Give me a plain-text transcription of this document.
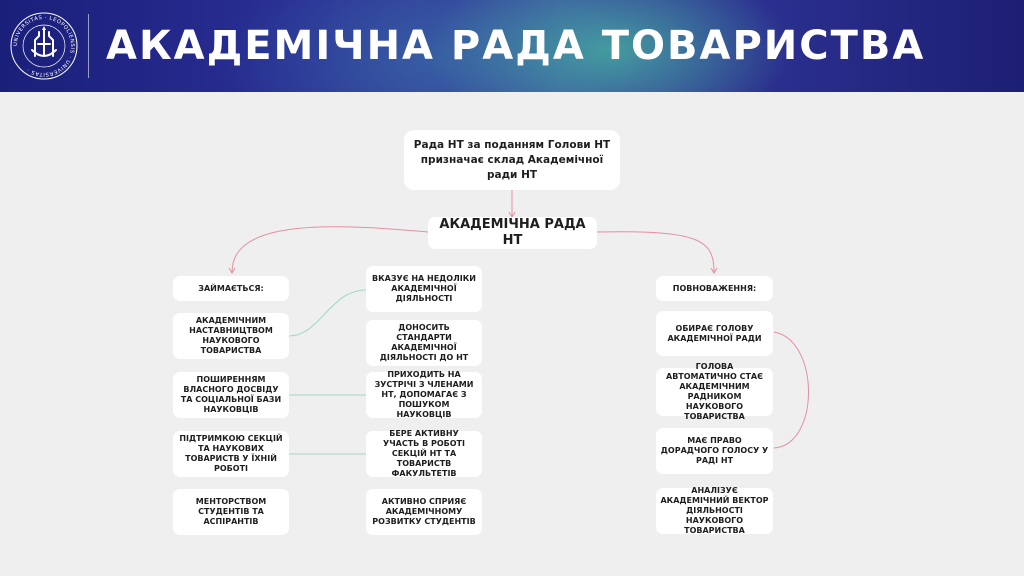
UNIVERSITAS · LEOPOLIENSIS · UNIVERSITAS ·
АКАДЕМІЧНА РАДА ТОВАРИСТВА
Рада НТ за поданням Голови НТ
призначає склад Академічної ради НТ
АКАДЕМІЧНА РАДА НТ
ЗАЙМАЄТЬСЯ:
АКАДЕМІЧНИМ НАСТАВНИЦТВОМ НАУКОВОГО ТОВАРИСТВА
ПОШИРЕННЯМ ВЛАСНОГО ДОСВІДУ ТА СОЦІАЛЬНОЇ БАЗИ НАУКОВЦІВ
ПІДТРИМКОЮ СЕКЦІЙ ТА НАУКОВИХ ТОВАРИСТВ У ЇХНІЙ РОБОТІ
МЕНТОРСТВОМ СТУДЕНТІВ ТА АСПІРАНТІВ
ВКАЗУЄ НА НЕДОЛІКИ АКАДЕМІЧНОЇ ДІЯЛЬНОСТІ
ДОНОСИТЬ СТАНДАРТИ АКАДЕМІЧНОЇ ДІЯЛЬНОСТІ ДО НТ
ПРИХОДИТЬ НА ЗУСТРІЧІ З ЧЛЕНАМИ НТ, ДОПОМАГАЄ З ПОШУКОМ НАУКОВЦІВ
БЕРЕ АКТИВНУ УЧАСТЬ В РОБОТІ СЕКЦІЙ НТ ТА ТОВАРИСТВ ФАКУЛЬТЕТІВ
АКТИВНО СПРИЯЄ АКАДЕМІЧНОМУ РОЗВИТКУ СТУДЕНТІВ
ПОВНОВАЖЕННЯ:
ОБИРАЄ ГОЛОВУ АКАДЕМІЧНОЇ РАДИ
ГОЛОВА АВТОМАТИЧНО СТАЄ АКАДЕМІЧНИМ РАДНИКОМ НАУКОВОГО ТОВАРИСТВА
МАЄ ПРАВО ДОРАДЧОГО ГОЛОСУ У РАДІ НТ
АНАЛІЗУЄ АКАДЕМІЧНИЙ ВЕКТОР ДІЯЛЬНОСТІ НАУКОВОГО ТОВАРИСТВА
